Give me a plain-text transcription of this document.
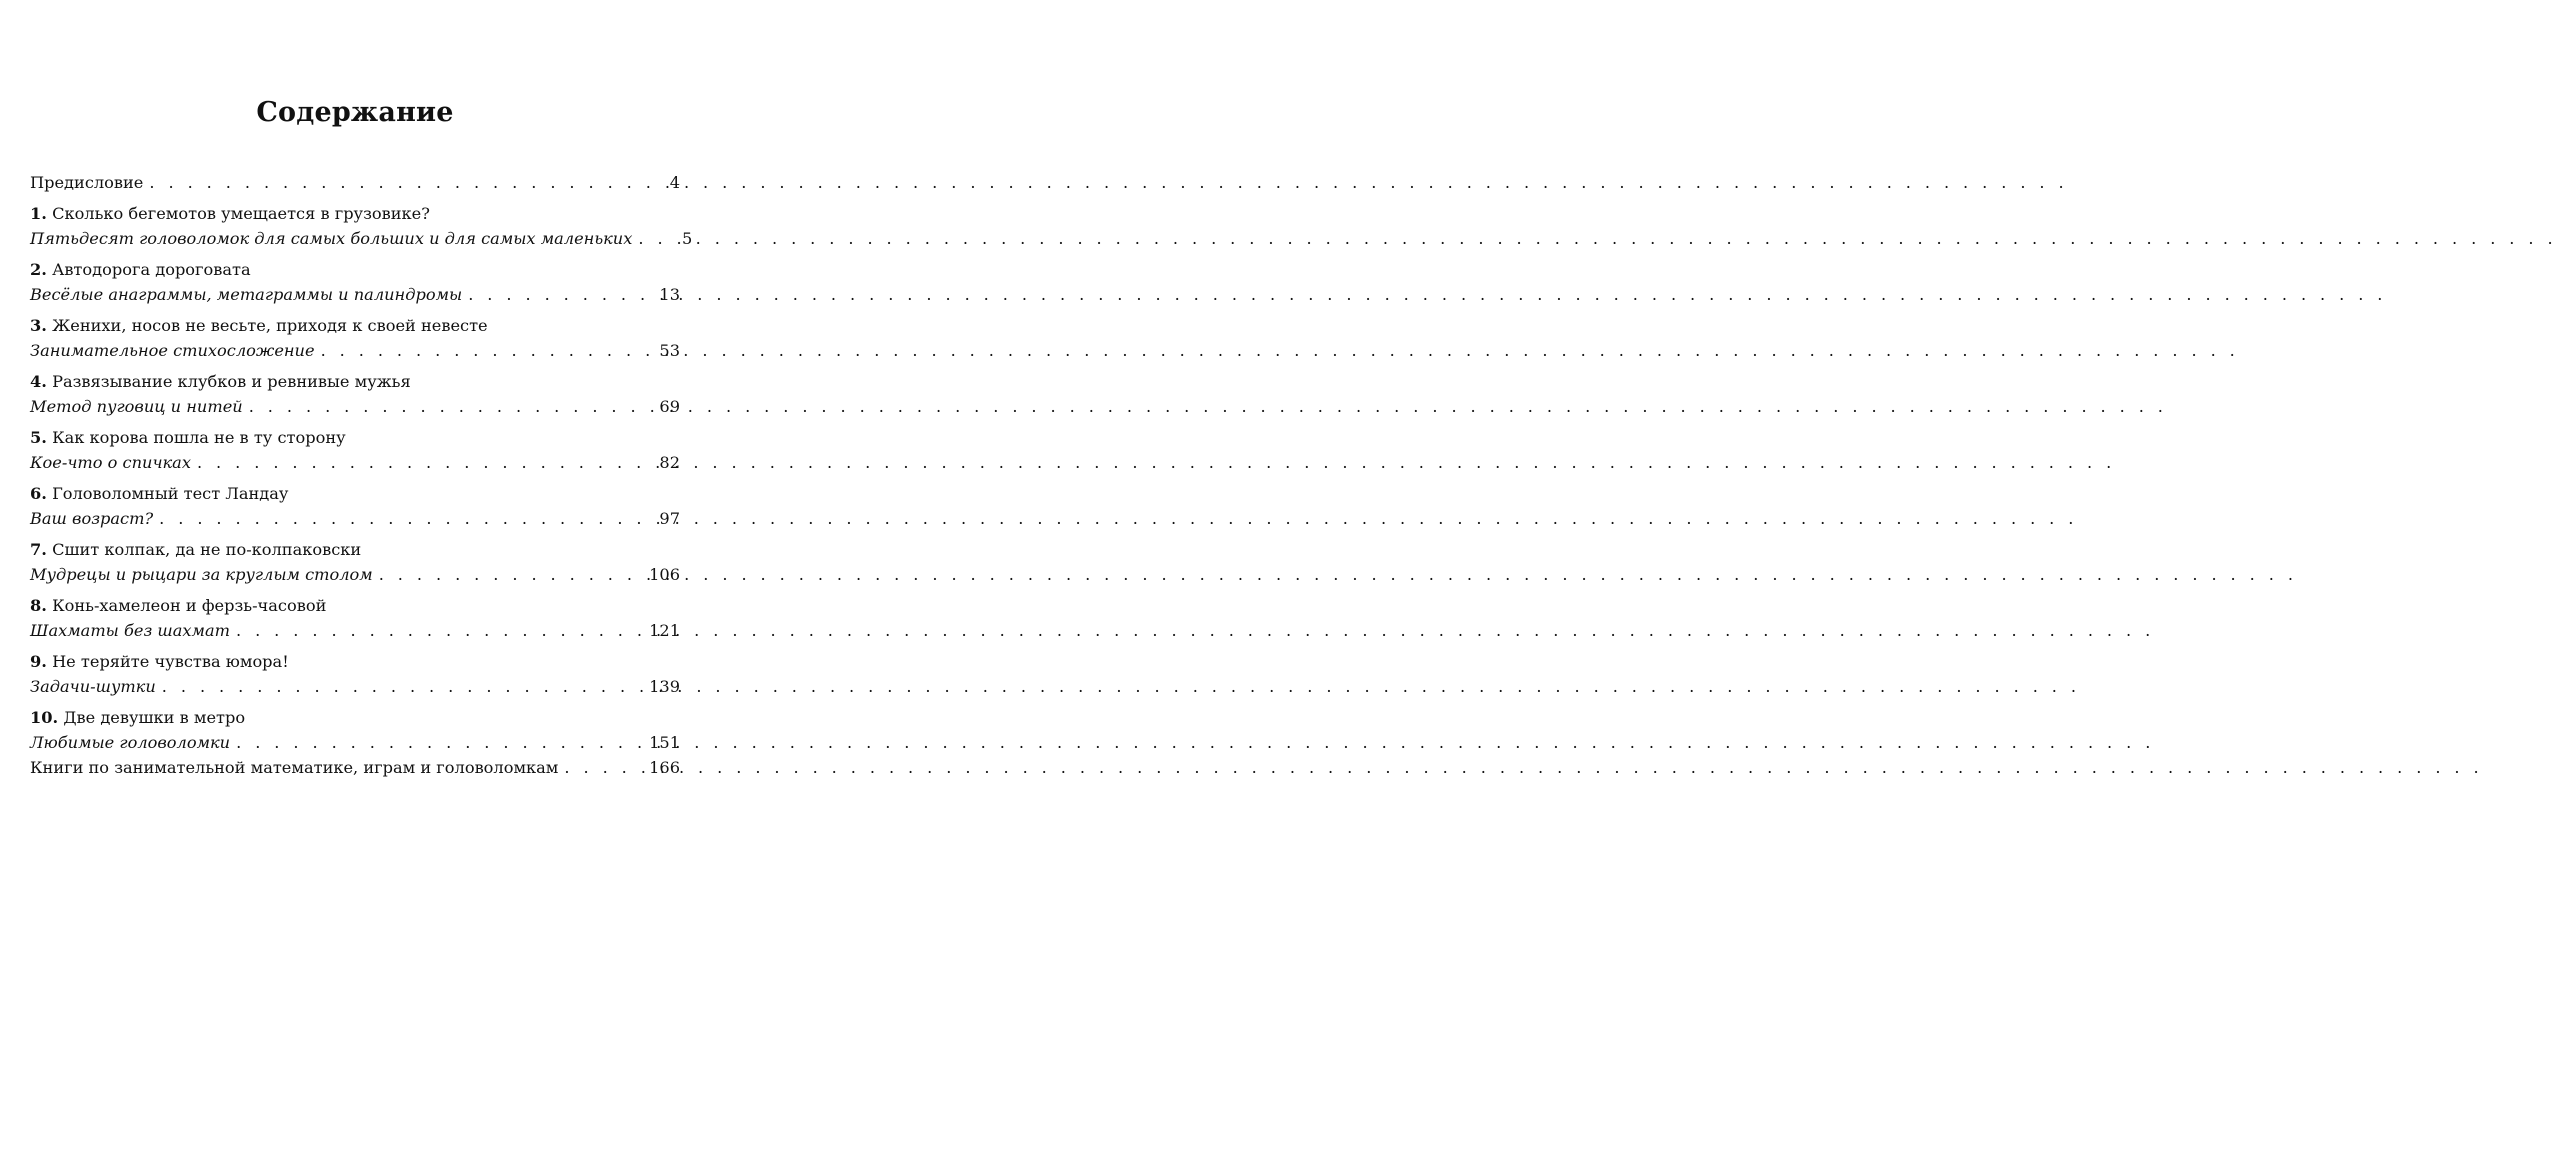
Содержание
Предисловие . . .	4
1. Сколько бегемотов умещается в грузовике?
Пятьдесят головоломок для самых больших и для самых маленьких . . .	5
2. Автодорога дороговата
Весёлые анаграммы, метаграммы и палиндромы . . .	13
3. Женихи, носов не весьте, приходя к своей невесте
Занимательное стихосложение . . .	53
4. Развязывание клубков и ревнивые мужья
Метод пуговиц и нитей . . .	69
5. Как корова пошла не в ту сторону
Кое-что о спичках . . .	82
6. Головоломный тест Ландау
Ваш возраст? . . .	97
7. Сшит колпак, да не по-колпаковски
Мудрецы и рыцари за круглым столом . . .	106
8. Конь-хамелеон и ферзь-часовой
Шахматы без шахмат . . .	121
9. Не теряйте чувства юмора!
Задачи-шутки . . .	139
10. Две девушки в метро
Любимые головоломки . . .	151
Книги по занимательной математике, играм и головоломкам . . .	166
